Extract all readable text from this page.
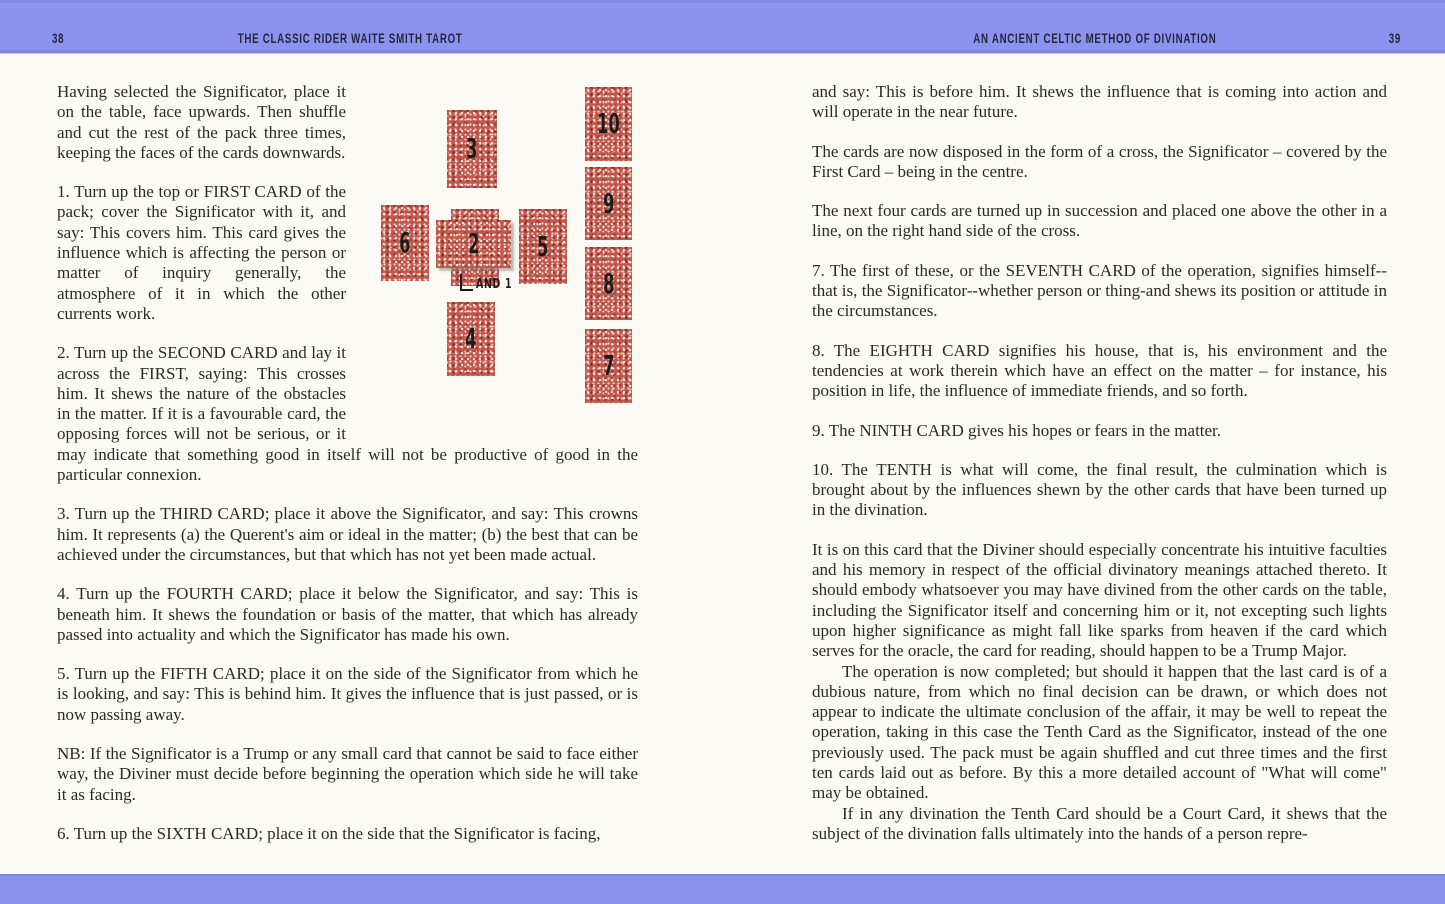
38	THE CLASSIC RIDER WAITE SMITH TAROT	AN ANCIENT CELTIC METHOD OF DIVINATION	39
3
6 2 5
4
10
9
8
7
AND 1

Having selected the Significator, place it on the table, face upwards. Then shuffle and cut the rest of the pack three times, keeping the faces of the cards downwards.

1. Turn up the top or FIRST CARD of the pack; cover the Significator with it, and say: This covers him. This card gives the influence which is affecting the person or matter of inquiry generally, the atmosphere of it in which the other currents work.

2. Turn up the SECOND CARD and lay it across the FIRST, saying: This crosses him. It shews the nature of the obstacles in the matter. If it is a favourable card, the opposing forces will not be serious, or it may indicate that something good in itself will not be productive of good in the particular connexion.

3. Turn up the THIRD CARD; place it above the Significator, and say: This crowns him. It represents (a) the Querent's aim or ideal in the matter; (b) the best that can be achieved under the circumstances, but that which has not yet been made actual.

4. Turn up the FOURTH CARD; place it below the Significator, and say: This is beneath him. It shews the foundation or basis of the matter, that which has already passed into actuality and which the Significator has made his own.

5. Turn up the FIFTH CARD; place it on the side of the Significator from which he is looking, and say: This is behind him. It gives the influence that is just passed, or is now passing away.

NB: If the Significator is a Trump or any small card that cannot be said to face either way, the Diviner must decide before beginning the operation which side he will take it as facing.

6. Turn up the SIXTH CARD; place it on the side that the Significator is facing,

and say: This is before him. It shews the influence that is coming into action and will operate in the near future.

The cards are now disposed in the form of a cross, the Significator – covered by the First Card – being in the centre.

The next four cards are turned up in succession and placed one above the other in a line, on the right hand side of the cross.

7. The first of these, or the SEVENTH CARD of the operation, signifies himself--that is, the Significator--whether person or thing-and shews its position or attitude in the circumstances.

8. The EIGHTH CARD signifies his house, that is, his environment and the tendencies at work therein which have an effect on the matter – for instance, his position in life, the influence of immediate friends, and so forth.

9. The NINTH CARD gives his hopes or fears in the matter.

10. The TENTH is what will come, the final result, the culmination which is brought about by the influences shewn by the other cards that have been turned up in the divination.

It is on this card that the Diviner should especially concentrate his intuitive faculties and his memory in respect of the official divinatory meanings attached thereto. It should embody whatsoever you may have divined from the other cards on the table, including the Significator itself and concerning him or it, not excepting such lights upon higher significance as might fall like sparks from heaven if the card which serves for the oracle, the card for reading, should happen to be a Trump Major.

The operation is now completed; but should it happen that the last card is of a dubious nature, from which no final decision can be drawn, or which does not appear to indicate the ultimate conclusion of the affair, it may be well to repeat the operation, taking in this case the Tenth Card as the Significator, instead of the one previously used. The pack must be again shuffled and cut three times and the first ten cards laid out as before. By this a more detailed account of "What will come" may be obtained.

If in any divination the Tenth Card should be a Court Card, it shews that the subject of the divination falls ultimately into the hands of a person repre-
